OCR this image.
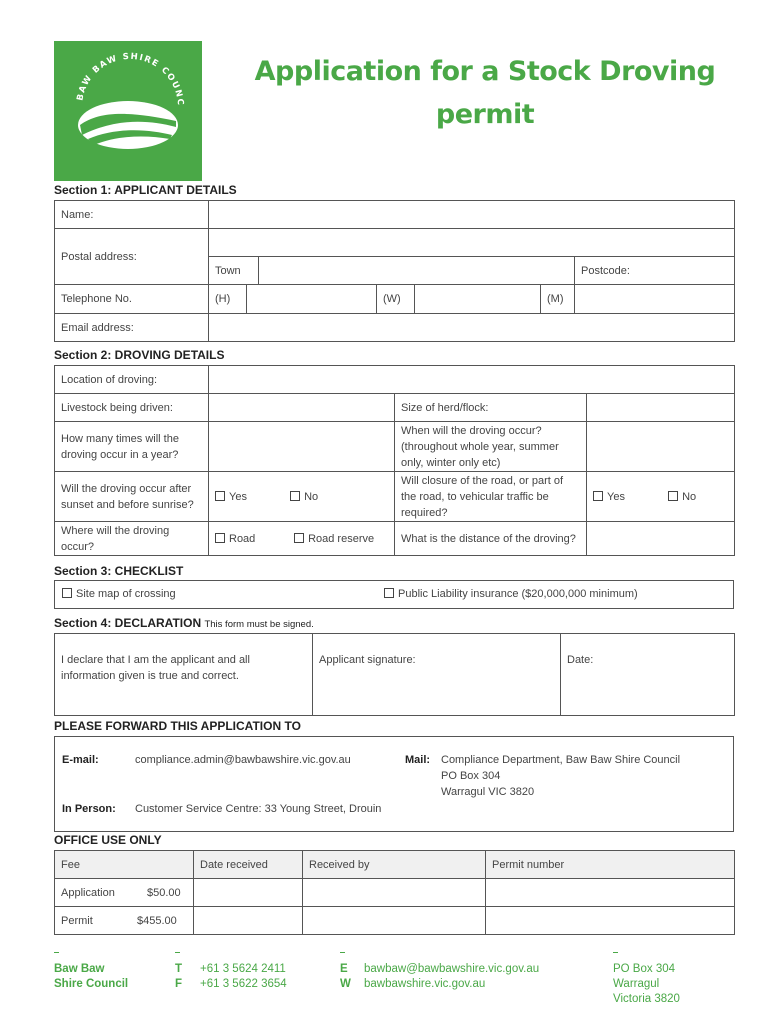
BAW BAW SHIRE COUNC
Application for a Stock Droving
permit
Section 1: APPLICANT DETAILS
Name:						
Postal address:						
	Town				Postcode:	
Telephone No.	(H)		(W)	(M)		
Email address:						
Section 2: DROVING DETAILS
Location of droving:			
Livestock being driven:		Size of herd/flock:	
How many times will the droving occur in a year?		When will the droving occur? (throughout whole year, summer only, winter only etc)	
Will the droving occur after sunset and before sunrise?	Yes No	Will closure of the road, or part of the road, to vehicular traffic be required?	Yes No
Where will the droving occur?	Road Road reserve	What is the distance of the droving?	
Section 3: CHECKLIST
Site map of crossing	Public Liability insurance ($20,000,000 minimum)
Section 4: DECLARATION This form must be signed.
I declare that I am the applicant and all information given is true and correct.	Applicant signature:	Date:
PLEASE FORWARD THIS APPLICATION TO
E-mail:	compliance.admin@bawbawshire.vic.gov.au	Mail: Compliance Department, Baw Baw Shire Council
PO Box 304
Warragul VIC 3820
In Person: Customer Service Centre: 33 Young Street, Drouin
OFFICE USE ONLY
Fee	Date received	Received by	Permit number
Application $50.00			
Permit $455.00			
Baw Baw
Shire Council
T
F
+61 3 5624 2411
+61 3 5622 3654
E
W
bawbaw@bawbawshire.vic.gov.au
bawbawshire.vic.gov.au
PO Box 304
Warragul
Victoria 3820
